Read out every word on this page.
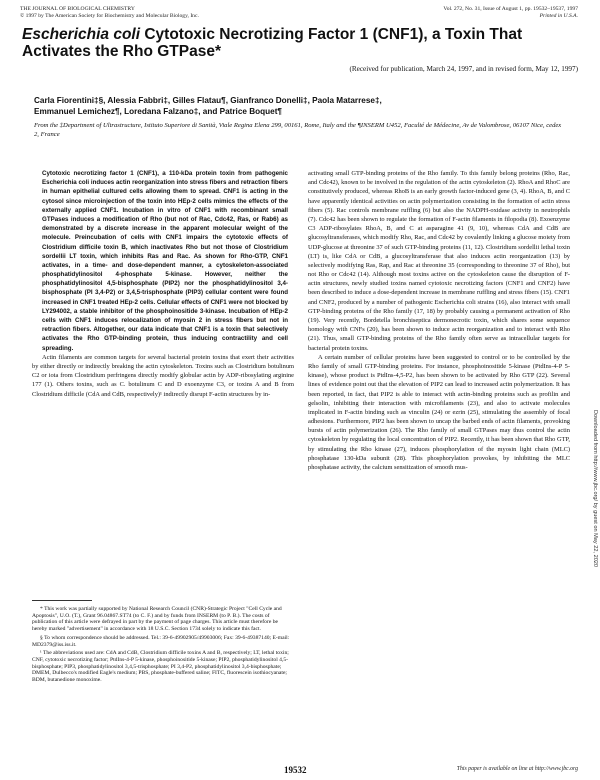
THE JOURNAL OF BIOLOGICAL CHEMISTRY
© 1997 by The American Society for Biochemistry and Molecular Biology, Inc.
Vol. 272, No. 31, Issue of August 1, pp. 19532–19537, 1997
Printed in U.S.A.
Escherichia coli Cytotoxic Necrotizing Factor 1 (CNF1), a Toxin That Activates the Rho GTPase*
(Received for publication, March 24, 1997, and in revised form, May 12, 1997)
Carla Fiorentini‡§, Alessia Fabbri‡, Gilles Flatau¶, Gianfranco Donelli‡, Paola Matarrese‡,
Emmanuel Lemichez¶, Loredana Falzano‡, and Patrice Boquet¶
From the ‡Department of Ultrastructure, Istituto Superiore di Sanità, Viale Regina Elena 299, 00161, Rome, Italy and the ¶INSERM U452, Faculté de Médecine, Av de Valombrose, 06107 Nice, cedex 2, France
Cytotoxic necrotizing factor 1 (CNF1), a 110-kDa protein toxin from pathogenic Escherichia coli induces actin reorganization into stress fibers and retraction fibers in human epithelial cultured cells allowing them to spread. CNF1 is acting in the cytosol since microinjection of the toxin into HEp-2 cells mimics the effects of the externally applied CNF1. Incubation in vitro of CNF1 with recombinant small GTPases induces a modification of Rho (but not of Rac, Cdc42, Ras, or Rab6) as demonstrated by a discrete increase in the apparent molecular weight of the molecule. Preincubation of cells with CNF1 impairs the cytotoxic effects of Clostridium difficile toxin B, which inactivates Rho but not those of Clostridium sordellii LT toxin, which inhibits Ras and Rac. As shown for Rho-GTP, CNF1 activates, in a time- and dose-dependent manner, a cytoskeleton-associated phosphatidylinositol 4-phosphate 5-kinase. However, neither the phosphatidylinositol 4,5-bisphosphate (PIP2) nor the phosphatidylinositol 3,4-bisphosphate (PI 3,4-P2) or 3,4,5-trisphosphate (PIP3) cellular content were found increased in CNF1 treated HEp-2 cells. Cellular effects of CNF1 were not blocked by LY294002, a stable inhibitor of the phosphoinositide 3-kinase. Incubation of HEp-2 cells with CNF1 induces relocalization of myosin 2 in stress fibers but not in retraction fibers. Altogether, our data indicate that CNF1 is a toxin that selectively activates the Rho GTP-binding protein, thus inducing contractility and cell spreading.

Actin filaments are common targets for several bacterial protein toxins that exert their activities by either directly or indirectly breaking the actin cytoskeleton. Toxins such as Clostridium botulinum C2 or iota from Clostridium perfringens directly modify globular actin by ADP-ribosylating arginine 177 (1). Others toxins, such as C. botulinum C and D exoenzyme C3, or toxins A and B from Clostridium difficile (CdA and CdB, respectively)¹ indirectly disrupt F-actin structures by in-

* This work was partially supported by National Research Council (CNR)-Strategic Project "Cell Cycle and Apoptosis", U.O. (T.), Grant 96.04867.ST74 (to C. F.) and by funds from INSERM (to P. B.). The costs of publication of this article were defrayed in part by the payment of page charges. This article must therefore be hereby marked "advertisement" in accordance with 18 U.S.C. Section 1734 solely to indicate this fact.

§ To whom correspondence should be addressed. Tel.: 39-6-49902905/49903006; Fax: 39-6-49387140; E-mail: MD2379@iss.iss.it.

¹ The abbreviations used are: CdA and CdB, Clostridium difficile toxins A and B, respectively; LT, lethal toxin; CNF, cytotoxic necrotizing factor; PtdIns-4-P 5-kinase, phosphoinositide 5-kinase; PIP2, phosphatidylinositol 4,5-bisphosphate; PIP3, phosphatidylinositol 3,4,5-trisphosphate; PI 3,4-P2, phosphatidylinositol 3,4-bisphosphate; DMEM, Dulbecco's modified Eagle's medium; PBS, phosphate-buffered saline; FITC, fluorescein isothiocyanate; BDM, butanedione monoxime.

activating small GTP-binding proteins of the Rho family. To this family belong proteins (Rho, Rac, and Cdc42), known to be involved in the regulation of the actin cytoskeleton (2). RhoA and RhoC are constitutively produced, whereas RhoB is an early growth factor-induced gene (3, 4). RhoA, B, and C have apparently identical activities on actin polymerization consisting in the formation of actin stress fibers (5). Rac controls membrane ruffling (6) but also the NADPH-oxidase activity in neutrophils (7). Cdc42 has been shown to regulate the formation of F-actin filaments in filopodia (8). Exoenzyme C3 ADP-ribosylates RhoA, B, and C at asparagine 41 (9, 10), whereas CdA and CdB are glucosyltransferases, which modify Rho, Rac, and Cdc42 by covalently linking a glucose moiety from UDP-glucose at threonine 37 of such GTP-binding proteins (11, 12). Clostridium sordellii lethal toxin (LT) is, like CdA or CdB, a glucosyltransferase that also induces actin reorganization (13) by selectively modifying Ras, Rap, and Rac at threonine 35 (corresponding to threonine 37 of Rho), but not Rho or Cdc42 (14). Although most toxins active on the cytoskeleton cause the disruption of F-actin structures, newly studied toxins named cytotoxic necrotizing factors (CNF1 and CNF2) have been described to induce a dose-dependent increase in membrane ruffling and stress fibers (15). CNF1 and CNF2, produced by a number of pathogenic Escherichia coli strains (16), also interact with small GTP-binding proteins of the Rho family (17, 18) by probably causing a permanent activation of Rho (19). Very recently, Bordetella bronchiseptica dermonecrotic toxin, which shares some sequence homology with CNFs (20), has been shown to induce actin reorganization and to interact with Rho (21). Thus, small GTP-binding proteins of the Rho family often serve as intracellular targets for bacterial protein toxins.

A certain number of cellular proteins have been suggested to control or to be controlled by the Rho family of small GTP-binding proteins. For instance, phosphoinositide 5-kinase (PtdIns-4-P 5-kinase), whose product is PtdIns-4,5-P2, has been shown to be activated by Rho GTP (22). Several lines of evidence point out that the elevation of PIP2 can lead to increased actin polymerization. It has been reported, in fact, that PIP2 is able to interact with actin-binding proteins such as profilin and gelsolin, inhibiting their interaction with microfilaments (23), and also to activate molecules implicated in F-actin binding such as vinculin (24) or ezrin (25), stimulating the assembly of focal adhesions. Furthermore, PIP2 has been shown to uncap the barbed ends of actin filaments, provoking bursts of actin polymerization (26). The Rho family of small GTPases may thus control the actin cytoskeleton by regulating the local concentration of PIP2. Recently, it has been shown that Rho GTP, by stimulating the Rho kinase (27), induces phosphorylation of the myosin light chain (MLC) phosphatase 130-kDa subunit (28). This phosphorylation provokes, by inhibiting the MLC phosphatase activity, the calcium sensitization of smooth mus-	Downloaded from http://www.jbc.org/ by guest on May 22, 2020
19532	This paper is available on line at http://www.jbc.org
